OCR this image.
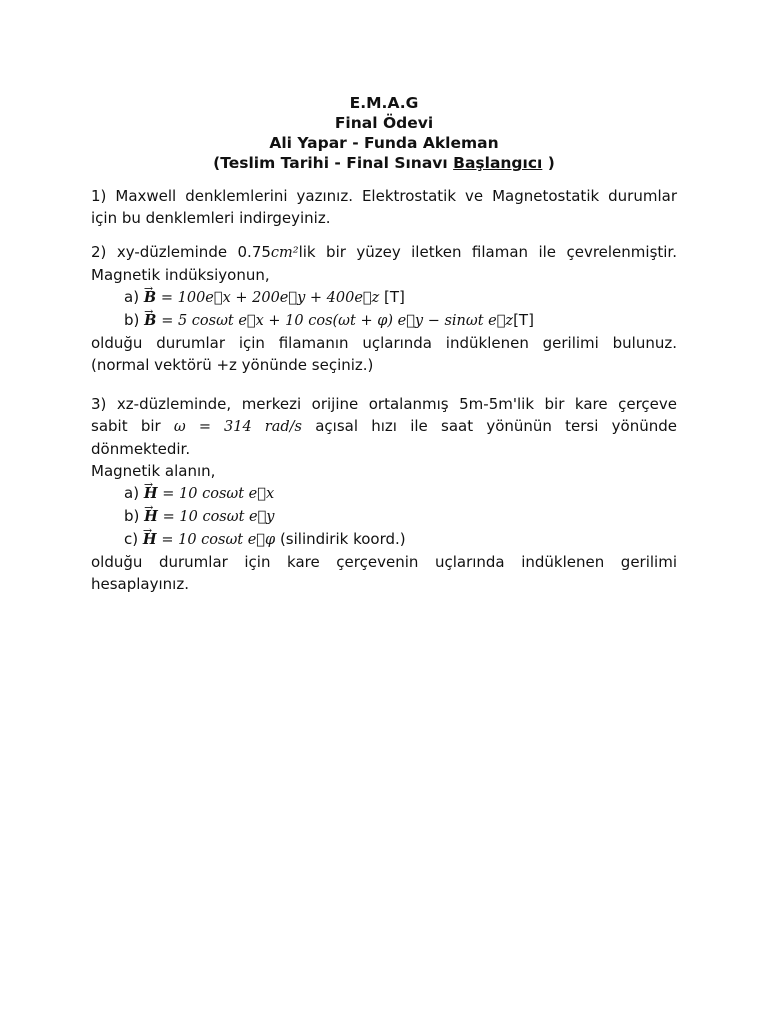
E.M.A.G
Final Ödevi
Ali Yapar - Funda Akleman
(Teslim Tarihi - Final Sınavı Başlangıcı )
1) Maxwell denklemlerini yazınız. Elektrostatik ve Magnetostatik durumlar
için bu denklemleri indirgeyiniz.
2) xy-düzleminde 0.75cm²lik bir yüzey iletken filaman ile çevrelenmiştir.
Magnetik indüksiyonun,
a) → B = 100e⃗x + 200e⃗y + 400e⃗z [T]
b) → B = 5 cosωt e⃗x + 10 cos(ωt + φ) e⃗y − sinωt e⃗z[T]
olduğu durumlar için filamanın uçlarında indüklenen gerilimi bulunuz.
(normal vektörü +z yönünde seçiniz.)
3) xz-düzleminde, merkezi orijine ortalanmış 5m-5m'lik bir kare çerçeve
sabit bir ω = 314 rad/s açısal hızı ile saat yönünün tersi yönünde dönmektedir.
Magnetik alanın,
a) → H = 10 cosωt e⃗x
b) → H = 10 cosωt e⃗y
c) → H = 10 cosωt e⃗φ (silindirik koord.)
olduğu durumlar için kare çerçevenin uçlarında indüklenen gerilimi
hesaplayınız.
